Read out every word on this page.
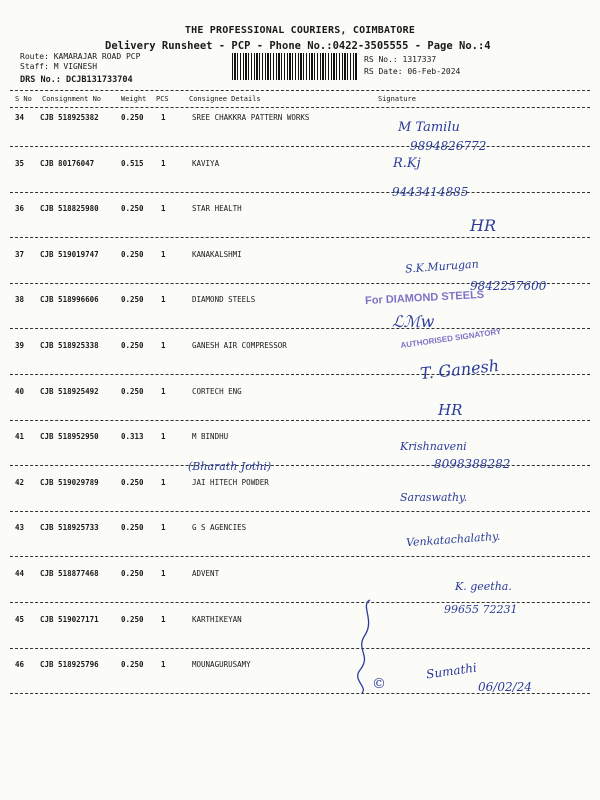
THE PROFESSIONAL COURIERS, COIMBATORE
Delivery Runsheet - PCP - Phone No.:0422-3505555 - Page No.:4
Route: KAMARAJAR ROAD PCP
Staff: M VIGNESH
DRS No.: DCJB131733704
RS No.: 1317337
RS Date: 06-Feb-2024
S No Consignment No	Weight PCS	Consignee Details	Signature
34 CJB 518925382	0.250 1	SREE CHAKKRA PATTERN WORKS
35 CJB 80176047	0.515 1	KAVIYA
36 CJB 518825980	0.250 1	STAR HEALTH
37 CJB 519019747	0.250 1	KANAKALSHMI
38 CJB 518996606	0.250 1	DIAMOND STEELS
39 CJB 518925338	0.250 1	GANESH AIR COMPRESSOR
40 CJB 518925492	0.250 1	CORTECH ENG
41 CJB 518952950	0.313 1	M BINDHU
42 CJB 519029789	0.250 1	JAI HITECH POWDER
43 CJB 518925733	0.250 1	G S AGENCIES
44 CJB 518877468	0.250 1	ADVENT
45 CJB 519027171	0.250 1	KARTHIKEYAN
46 CJB 518925796	0.250 1	MOUNAGURUSAMY
M Tamilu
9894826772
R.Kj
9443414885
HR
S.K.Murugan
9842257600
For DIAMOND STEELS
AUTHORISED SIGNATORY
ℒℳw
T. Ganesh
HR
Krishnaveni
8098388282
(Bharath Jothi)
Saraswathy.
Venkatachalathy.
K. geetha.
99655 72231
Sumathi
06/02/24
©
